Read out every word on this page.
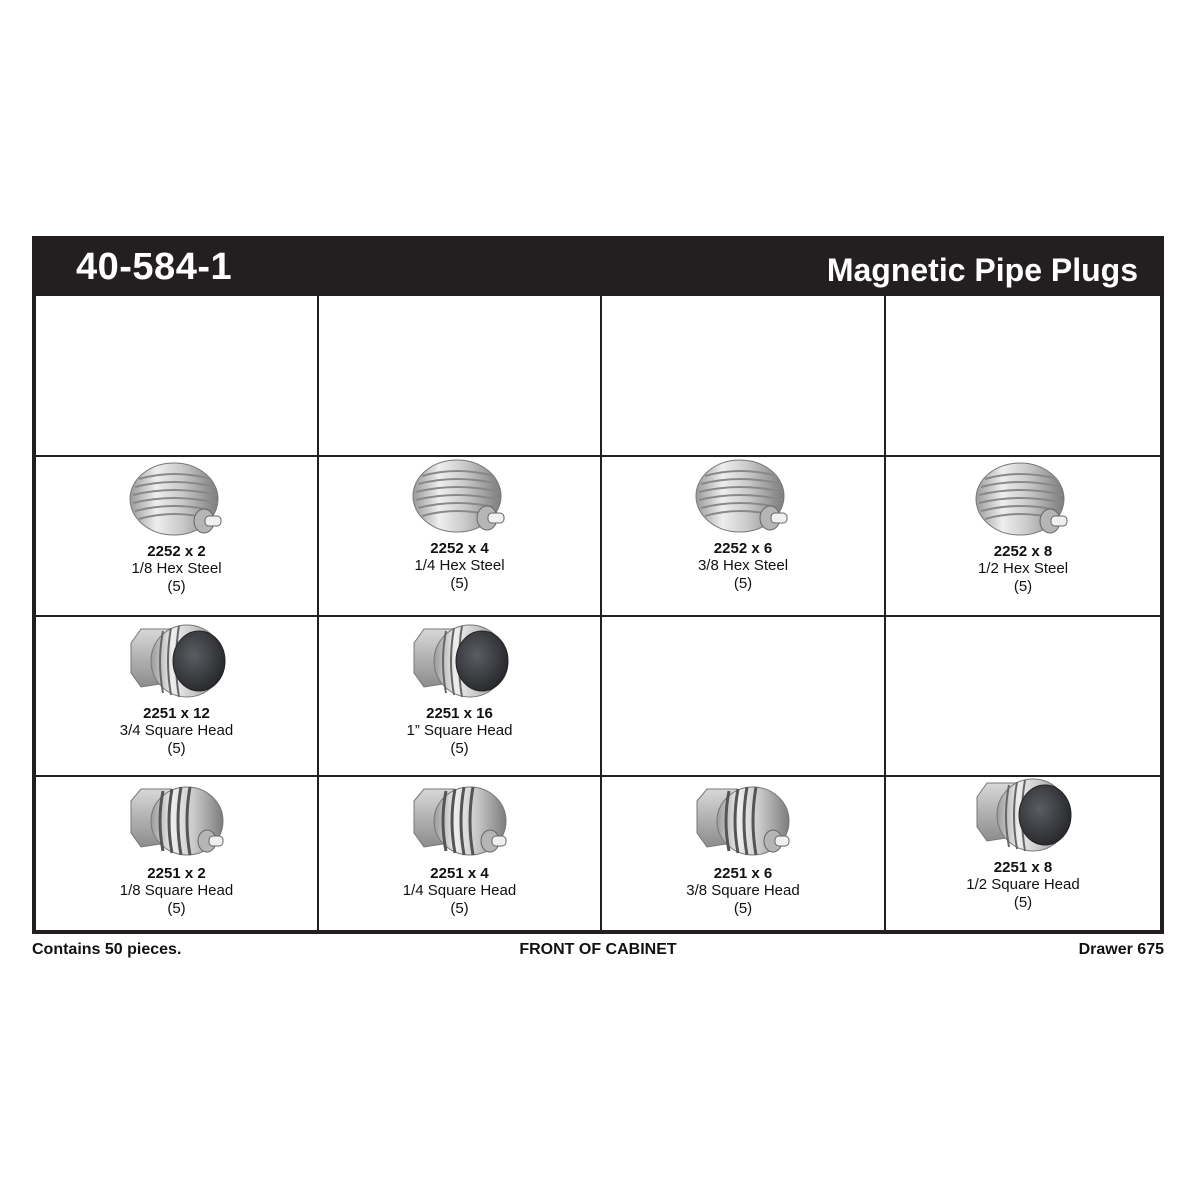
40-584-1	Magnetic Pipe Plugs
2252 x 2
1/8 Hex Steel
(5)
2252 x 4
1/4 Hex Steel
(5)
2252 x 6
3/8 Hex Steel
(5)
2252 x 8
1/2 Hex Steel
(5)
2251 x 12
3/4 Square Head
(5)
2251 x 16
1” Square Head
(5)
2251 x 2
1/8 Square Head
(5)
2251 x 4
1/4 Square Head
(5)
2251 x 6
3/8 Square Head
(5)
2251 x 8
1/2 Square Head
(5)
Contains 50 pieces.	FRONT OF CABINET	Drawer 675
